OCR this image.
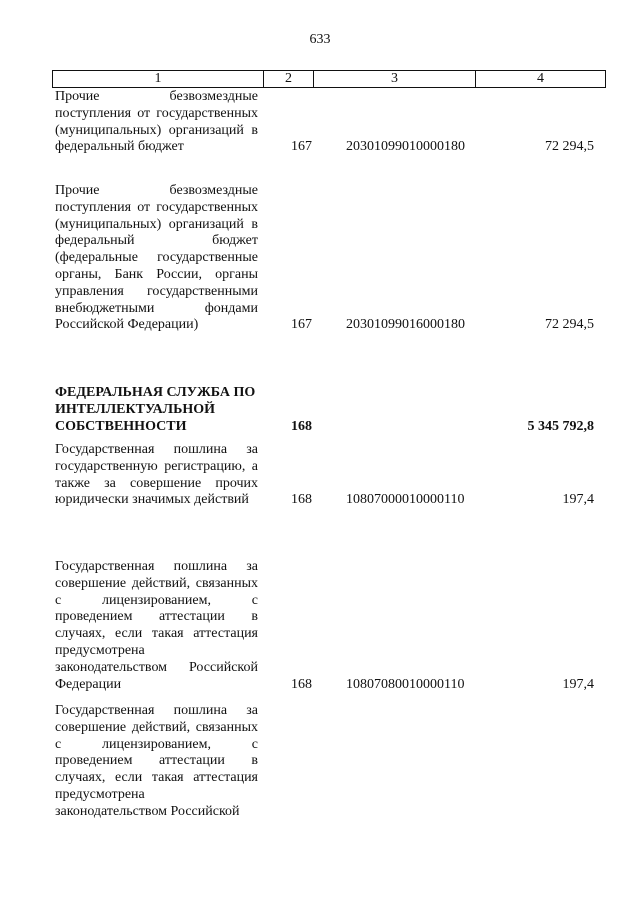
633
1	2	3	4
Прочие безвозмездные поступления от государственных (муниципальных) организаций в федеральный бюджет	167 20301099010000180	72 294,5
Прочие безвозмездные поступления от государственных (муниципальных) организаций в федеральный бюджет (федеральные государственные органы, Банк России, органы управления государственными внебюджетными фондами Российской Федерации)	167 20301099016000180	72 294,5
ФЕДЕРАЛЬНАЯ СЛУЖБА ПО ИНТЕЛЛЕКТУАЛЬНОЙ СОБСТВЕННОСТИ	168	5 345 792,8
Государственная пошлина за государственную регистрацию, а также за совершение прочих юридически значимых действий	168 10807000010000110	197,4
Государственная пошлина за совершение действий, связанных с лицензированием, с проведением аттестации в случаях, если такая аттестация предусмотрена законодательством Российской Федерации	168 10807080010000110	197,4
Государственная пошлина за совершение действий, связанных с лицензированием, с проведением аттестации в случаях, если такая аттестация предусмотрена законодательством Российской
